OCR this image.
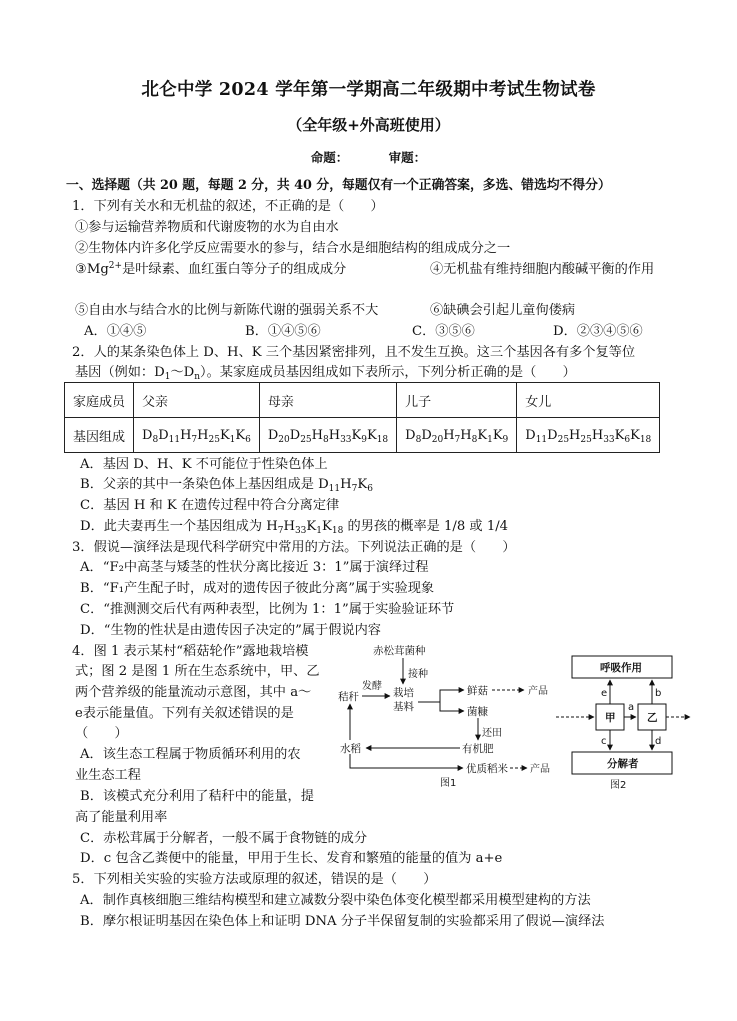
北仑中学 2024 学年第一学期高二年级期中考试生物试卷
（全年级+外高班使用）
命题：	审题：
一、选择题（共 20 题，每题 2 分，共 40 分，每题仅有一个正确答案，多选、错选均不得分）
1．下列有关水和无机盐的叙述，不正确的是（　　）
①参与运输营养物质和代谢废物的水为自由水
②生物体内许多化学反应需要水的参与，结合水是细胞结构的组成成分之一
$③Mg^{2+}$是叶绿素、血红蛋白等分子的组成成分	④无机盐有维持细胞内酸碱平衡的作用
⑤自由水与结合水的比例与新陈代谢的强弱关系不大	⑥缺碘会引起儿童佝偻病
A．①④⑤	B．①④⑤⑥	C．③⑤⑥	D．②③④⑤⑥
2．人的某条染色体上 D、H、K 三个基因紧密排列，且不发生互换。这三个基因各有多个复等位
基因（例如：$D_1\sim D_n$）。某家庭成员基因组成如下表所示，下列分析正确的是（　　）
家庭成员	父亲	母亲	儿子	女儿
基因组成	$D_8D_{11}H_7H_{25}K_1K_6$	$D_{20}D_{25}H_8H_{33}K_9K_{18}$	$D_8D_{20}H_7H_8K_1K_9$	$D_{11}D_{25}H_{25}H_{33}K_6K_{18}$
A．基因 D、H、K 不可能位于性染色体上
B．父亲的其中一条染色体上基因组成是 $D_{11}H_7K_6$
C．基因 H 和 K 在遗传过程中符合分离定律
D．此夫妻再生一个基因组成为 $H_7H_{33}K_1K_{18}$ 的男孩的概率是 1/8 或 1/4
3．假说—演绎法是现代科学研究中常用的方法。下列说法正确的是（　　）
A．“F₂中高茎与矮茎的性状分离比接近 3：1”属于演绎过程
B．“F₁产生配子时，成对的遗传因子彼此分离”属于实验现象
C．“推测测交后代有两种表型，比例为 1：1”属于实验验证环节
D．“生物的性状是由遗传因子决定的”属于假说内容
4．图 1 表示某村“稻菇轮作”露地栽培模
式；图 2 是图 1 所在生态系统中，甲、乙
两个营养级的能量流动示意图，其中 a～
e表示能量值。下列有关叙述错误的是
（　　）
A．该生态工程属于物质循环利用的农
业生态工程
B．该模式充分利用了秸秆中的能量，提
高了能量利用率
C．赤松茸属于分解者，一般不属于食物链的成分
D．c 包含乙粪便中的能量，甲用于生长、发育和繁殖的能量的值为 a+e
赤松茸菌种
接种
发酵
秸秆	栽培
基料
鲜菇	产品
菌糠
还田
水稻	有机肥
优质稻米 产品
图1
呼吸作用
甲	乙
分解者
a
b
c	d
e
图2
5．下列相关实验的实验方法或原理的叙述，错误的是（　　）
A．制作真核细胞三维结构模型和建立减数分裂中染色体变化模型都采用模型建构的方法
B．摩尔根证明基因在染色体上和证明 DNA 分子半保留复制的实验都采用了假说—演绎法
